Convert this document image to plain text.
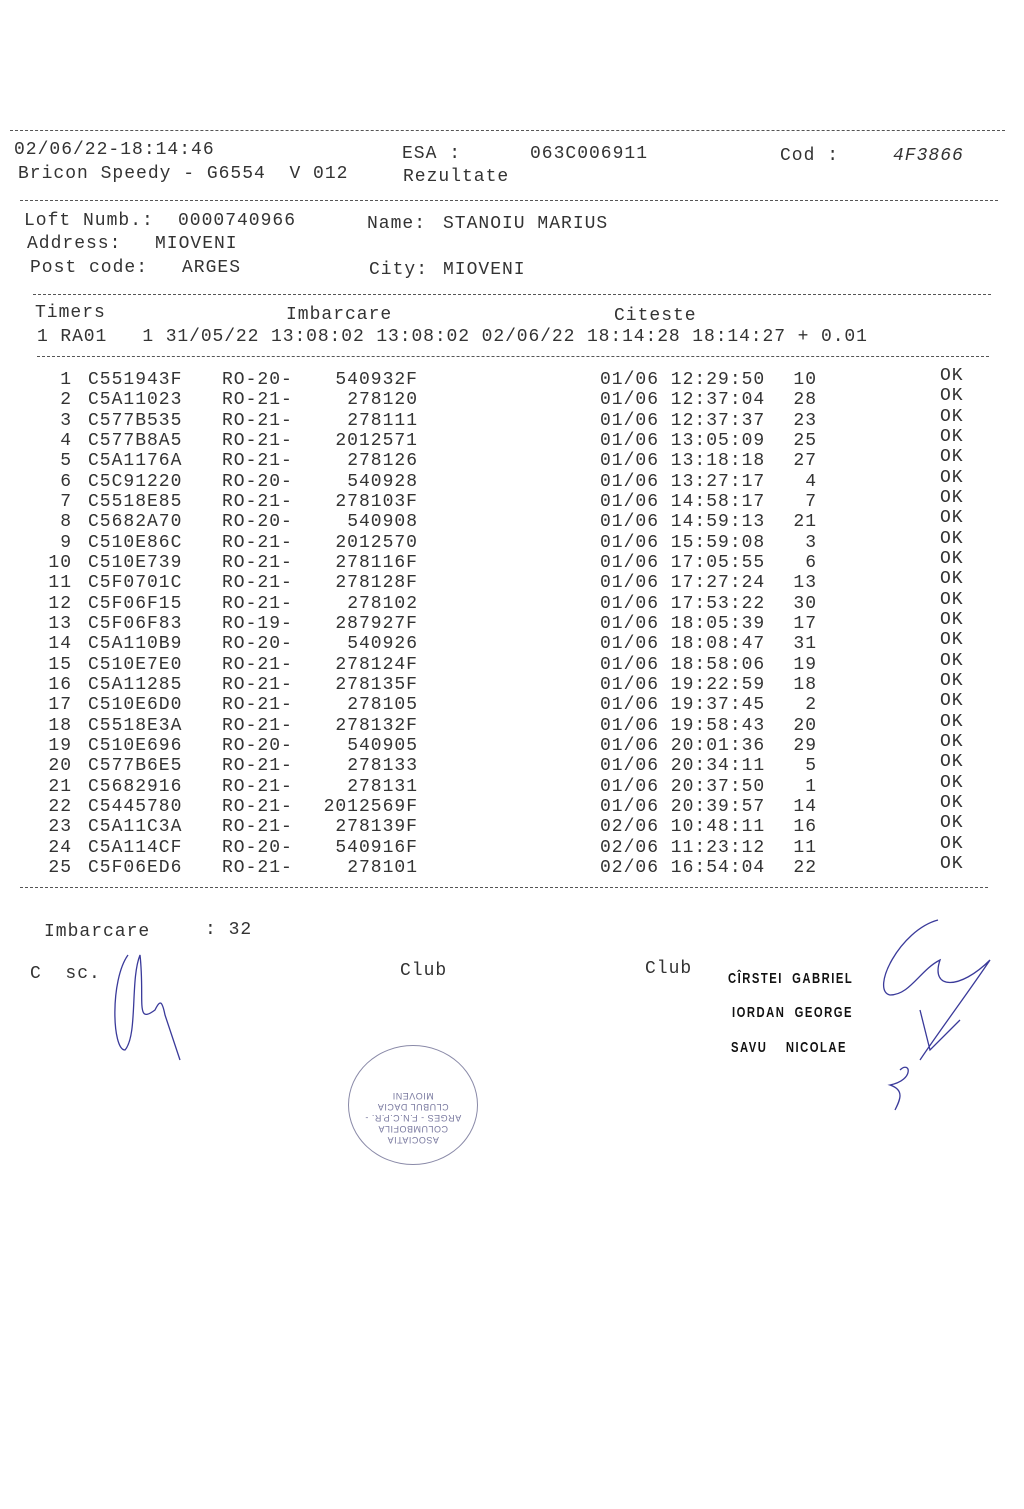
02/06/22-18:14:46	ESA :	063C006911	Cod :	4F3866
Bricon Speedy - G6554  V 012	Rezultate
Loft Numb.: 0000740966	Name: STANOIU MARIUS
Address: MIOVENI
Post code: ARGES	City: MIOVENI
Timers	Imbarcare	Citeste
1 RA01   1 31/05/22 13:08:02 13:08:02 02/06/22 18:14:28 18:14:27 + 0.01
1 C551943F RO-20- 540932F	01/06 12:29:50 10	OK
2 C5A11023 RO-21-	278120	01/06 12:37:04 28	OK
3 C577B535 RO-21-	278111	01/06 12:37:37 23	OK
4 C577B8A5 RO-21- 2012571	01/06 13:05:09 25	OK
5 C5A1176A RO-21-	278126	01/06 13:18:18 27	OK
6 C5C91220 RO-20-	540928	01/06 13:27:17 4	OK
7 C5518E85 RO-21- 278103F	01/06 14:58:17 7	OK
8 C5682A70 RO-20-	540908	01/06 14:59:13 21	OK
9 C510E86C RO-21- 2012570	01/06 15:59:08 3	OK
10 C510E739 RO-21- 278116F	01/06 17:05:55 6	OK
11 C5F0701C RO-21- 278128F	01/06 17:27:24 13	OK
12 C5F06F15 RO-21-	278102	01/06 17:53:22 30	OK
13 C5F06F83 RO-19- 287927F	01/06 18:05:39 17	OK
14 C5A110B9 RO-20-	540926	01/06 18:08:47 31	OK
15 C510E7E0 RO-21- 278124F	01/06 18:58:06 19	OK
16 C5A11285 RO-21- 278135F	01/06 19:22:59 18	OK
17 C510E6D0 RO-21-	278105	01/06 19:37:45 2	OK
18 C5518E3A RO-21- 278132F	01/06 19:58:43 20	OK
19 C510E696 RO-20-	540905	01/06 20:01:36 29	OK
20 C577B6E5 RO-21-	278133	01/06 20:34:11 5	OK
21 C5682916 RO-21-	278131	01/06 20:37:50 1	OK
22 C5445780 RO-21- 2012569F	01/06 20:39:57 14	OK
23 C5A11C3A RO-21- 278139F	02/06 10:48:11 16	OK
24 C5A114CF RO-20- 540916F	02/06 11:23:12 11	OK
25 C5F06ED6 RO-21-	278101	02/06 16:54:04 22	OK
Imbarcare	: 32
C  sc.	Club	Club CÎRSTEI  GABRIEL
IORDAN  GEORGE
SAVU    NICOLAE
ASOCIATIA COLUMBOFILA ARGES - F.N.C.P.R. - CLUBUL DACIA MIOVENI
